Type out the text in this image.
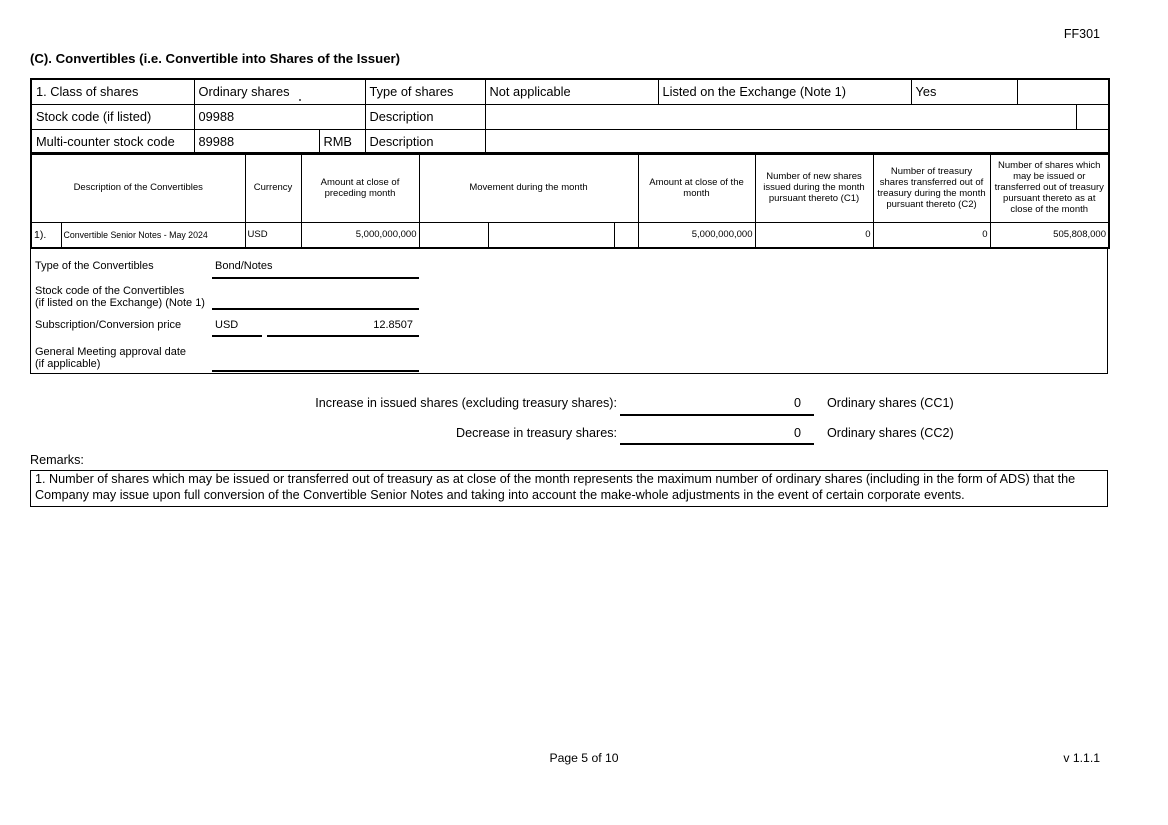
FF301
(C). Convertibles (i.e. Convertible into Shares of the Issuer)
1. Class of shares	Ordinary shares		Type of shares	Not applicable	Listed on the Exchange (Note 1)	Yes		
Stock code (if listed)	09988		Description					
Multi-counter stock code	89988	RMB	Description					
Description of the Convertibles		Currency	Amount at close of preceding month	Movement during the month			Amount at close of the month	Number of new shares issued during the month pursuant thereto (C1)	Number of treasury shares transferred out of treasury during the month pursuant thereto (C2)	Number of shares which may be issued or transferred out of treasury pursuant thereto as at close of the month
1).	Convertible Senior Notes - May 2024	USD	5,000,000,000				5,000,000,000	0	0	505,808,000
Type of the Convertibles	Bond/Notes
Stock code of the Convertibles
(if listed on the Exchange) (Note 1)
Subscription/Conversion price	USD	12.8507
General Meeting approval date
(if applicable)
Increase in issued shares (excluding treasury shares):	0 Ordinary shares (CC1)
Decrease in treasury shares:	0 Ordinary shares (CC2)
Remarks:
1. Number of shares which may be issued or transferred out of treasury as at close of the month represents the maximum number of ordinary shares (including in the form of ADS) that the Company may issue upon full conversion of the Convertible Senior Notes and taking into account the make-whole adjustments in the event of certain corporate events.
Page 5 of 10	v 1.1.1
